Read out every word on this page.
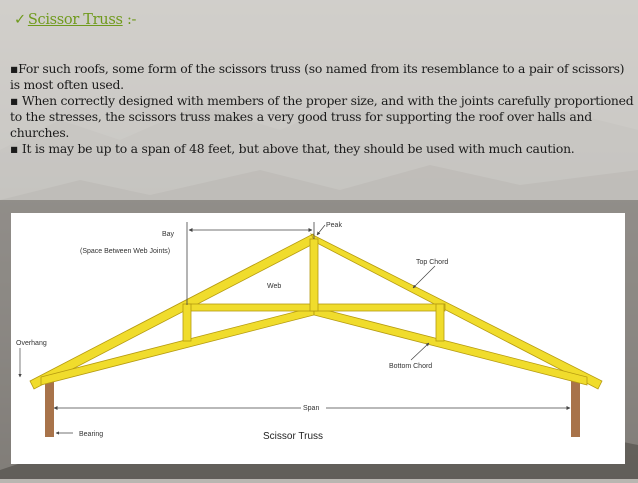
✓ Scissor Truss :-

▪For such roofs, some form of the scissors truss (so named from its resemblance to a pair of scissors) is most often used.

▪ When correctly designed with members of the proper size, and with the joints carefully proportioned to the stresses, the scissors truss makes a very good truss for supporting the roof over halls and churches.

▪ It is may be up to a span of 48 feet, but above that, they should be used with much caution.

Bay
(Space Between Web Joints)
Peak
Top Chord
Web
Overhang
Bottom Chord
Span
Bearing	Scissor Truss
